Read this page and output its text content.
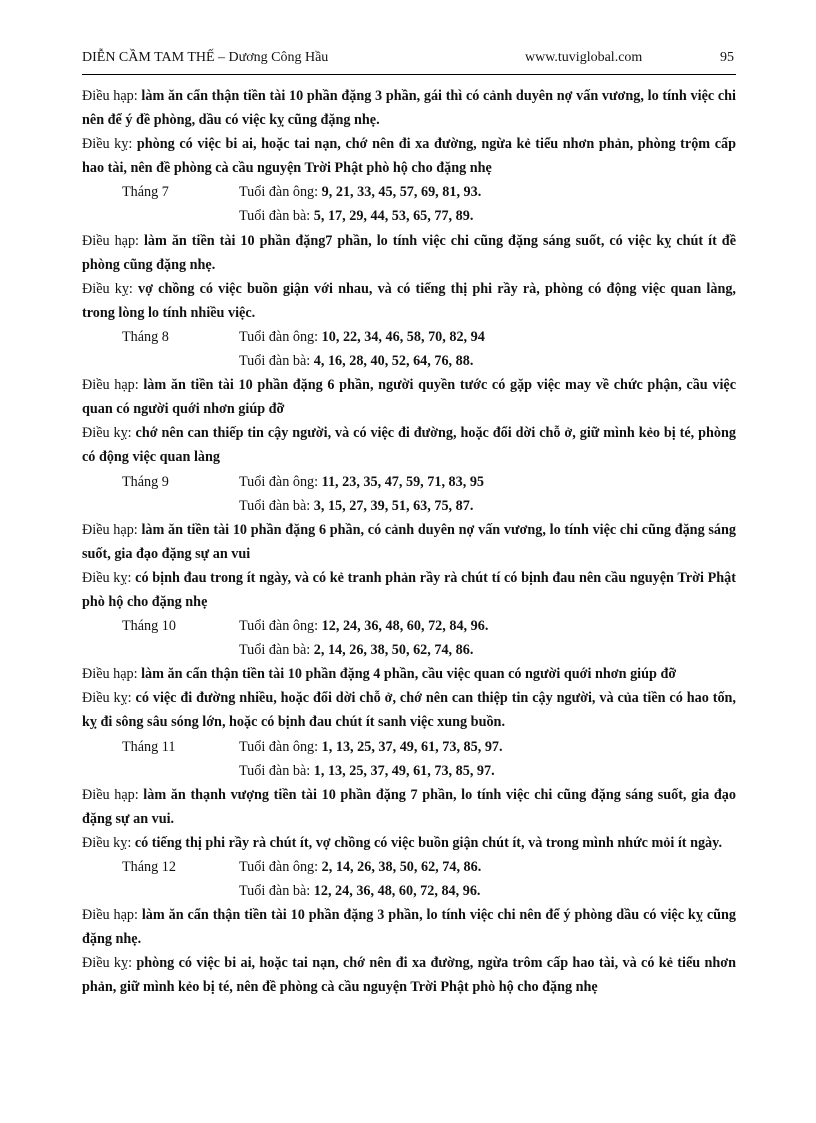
DIỄN CẦM TAM THẾ – Dương Công Hầu	www.tuviglobal.com	95

Điều hạp: làm ăn cẩn thận tiền tài 10 phần đặng 3 phần, gái thì có cảnh duyên nợ vấn vương, lo tính việc chi nên để ý đề phòng, dầu có việc kỵ cũng đặng nhẹ.

Điều kỵ: phòng có việc bi ai, hoặc tai nạn, chớ nên đi xa đường, ngừa kẻ tiểu nhơn phản, phòng trộm cấp hao tài, nên đề phòng cà cầu nguyện Trời Phật phò hộ cho đặng nhẹ

Tháng 7	Tuổi đàn ông: 9, 21, 33, 45, 57, 69, 81, 93.
Tuổi đàn bà: 5, 17, 29, 44, 53, 65, 77, 89.

Điều hạp: làm ăn tiền tài 10 phần đặng7 phần, lo tính việc chi cũng đặng sáng suốt, có việc kỵ chút ít đề phòng cũng đặng nhẹ.

Điều kỵ: vợ chồng có việc buồn giận với nhau, và có tiếng thị phi rầy rà, phòng có động việc quan làng, trong lòng lo tính nhiều việc.

Tháng 8	Tuổi đàn ông: 10, 22, 34, 46, 58, 70, 82, 94
Tuổi đàn bà: 4, 16, 28, 40, 52, 64, 76, 88.

Điều hạp: làm ăn tiền tài 10 phần đặng 6 phần, người quyền tước có gặp việc may về chức phận, cầu việc quan có người quới nhơn giúp đỡ

Điều kỵ: chớ nên can thiếp tin cậy người, và có việc đi đường, hoặc đổi dời chỗ ở, giữ mình kẻo bị té, phòng có động việc quan làng

Tháng 9	Tuổi đàn ông: 11, 23, 35, 47, 59, 71, 83, 95
Tuổi đàn bà: 3, 15, 27, 39, 51, 63, 75, 87.

Điều hạp: làm ăn tiền tài 10 phần đặng 6 phần, có cảnh duyên nợ vấn vương, lo tính việc chi cũng đặng sáng suốt, gia đạo đặng sự an vui

Điều kỵ: có bịnh đau trong ít ngày, và có kẻ tranh phản rầy rà chút tí có bịnh đau nên cầu nguyện Trời Phật phò hộ cho đặng nhẹ

Tháng 10	Tuổi đàn ông: 12, 24, 36, 48, 60, 72, 84, 96.
Tuổi đàn bà: 2, 14, 26, 38, 50, 62, 74, 86.

Điều hạp: làm ăn cẩn thận tiền tài 10 phần đặng 4 phần, cầu việc quan có người quới nhơn giúp đỡ

Điều kỵ: có việc đi đường nhiều, hoặc đổi dời chỗ ở, chớ nên can thiệp tin cậy người, và của tiền có hao tốn, kỵ đi sông sâu sóng lớn, hoặc có bịnh đau chút ít sanh việc xung buồn.

Tháng 11	Tuổi đàn ông: 1, 13, 25, 37, 49, 61, 73, 85, 97.
Tuổi đàn bà: 1, 13, 25, 37, 49, 61, 73, 85, 97.

Điều hạp: làm ăn thạnh vượng tiền tài 10 phần đặng 7 phần, lo tính việc chi cũng đặng sáng suốt, gia đạo đặng sự an vui.

Điều kỵ: có tiếng thị phi rầy rà chút ít, vợ chồng có việc buồn giận chút ít, và trong mình nhức mỏi ít ngày.

Tháng 12	Tuổi đàn ông: 2, 14, 26, 38, 50, 62, 74, 86.
Tuổi đàn bà: 12, 24, 36, 48, 60, 72, 84, 96.

Điều hạp: làm ăn cẩn thận tiền tài 10 phần đặng 3 phần, lo tính việc chi nên để ý phòng dầu có việc kỵ cũng đặng nhẹ.

Điều kỵ: phòng có việc bi ai, hoặc tai nạn, chớ nên đi xa đường, ngừa trôm cấp hao tài, và có kẻ tiểu nhơn phản, giữ mình kẻo bị té, nên đề phòng cà cầu nguyện Trời Phật phò hộ cho đặng nhẹ
